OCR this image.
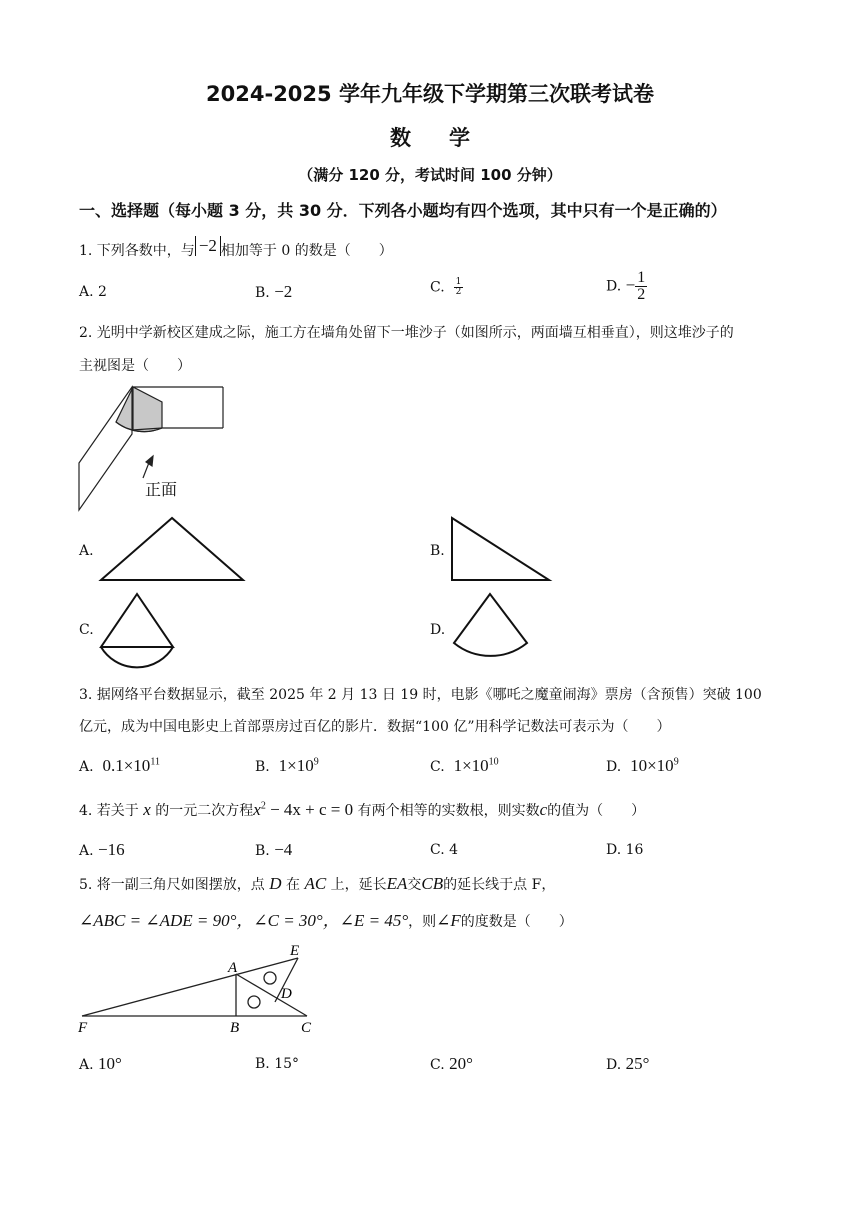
2024-2025 学年九年级下学期第三次联考试卷
数学
（满分 120 分，考试时间 100 分钟）
一、选择题（每小题 3 分，共 30 分．下列各小题均有四个选项，其中只有一个是正确的）
1. 下列各数中，与 −2 相加等于 0 的数是（　　）
A. 2	B. −2	C. $\frac{1}{2}$	D. − $\frac{1}{2}$
2. 光明中学新校区建成之际，施工方在墙角处留下一堆沙子（如图所示，两面墙互相垂直），则这堆沙子的
主视图是（　　）
正面
A.	B.
C.	D.
3. 据网络平台数据显示，截至 2025 年 2 月 13 日 19 时，电影《哪吒之魔童闹海》票房（含预售）突破 100
亿元，成为中国电影史上首部票房过百亿的影片．数据“100 亿”用科学记数法可表示为（　　）
A. $0.1\times 10^{11}$	B. $1\times 10^9$	C. $1\times 10^{10}$	D. $10\times 10^9$
4. 若关于 x 的一元二次方程$x^2 - 4x + c = 0$ 有两个相等的实数根，则实数c的值为（　　）
A. −16	B. −4	C. 4	D. 16
5. 将一副三角尺如图摆放，点 D 在 AC 上，延长EA交CB的延长线于点 F，
∠ABC = ∠ADE = 90°，∠C = 30°，∠E = 45°，则∠F的度数是（　　）
E
A
D
F	B	C
A. 10°	B. 15°	C. 20°	D. 25°
